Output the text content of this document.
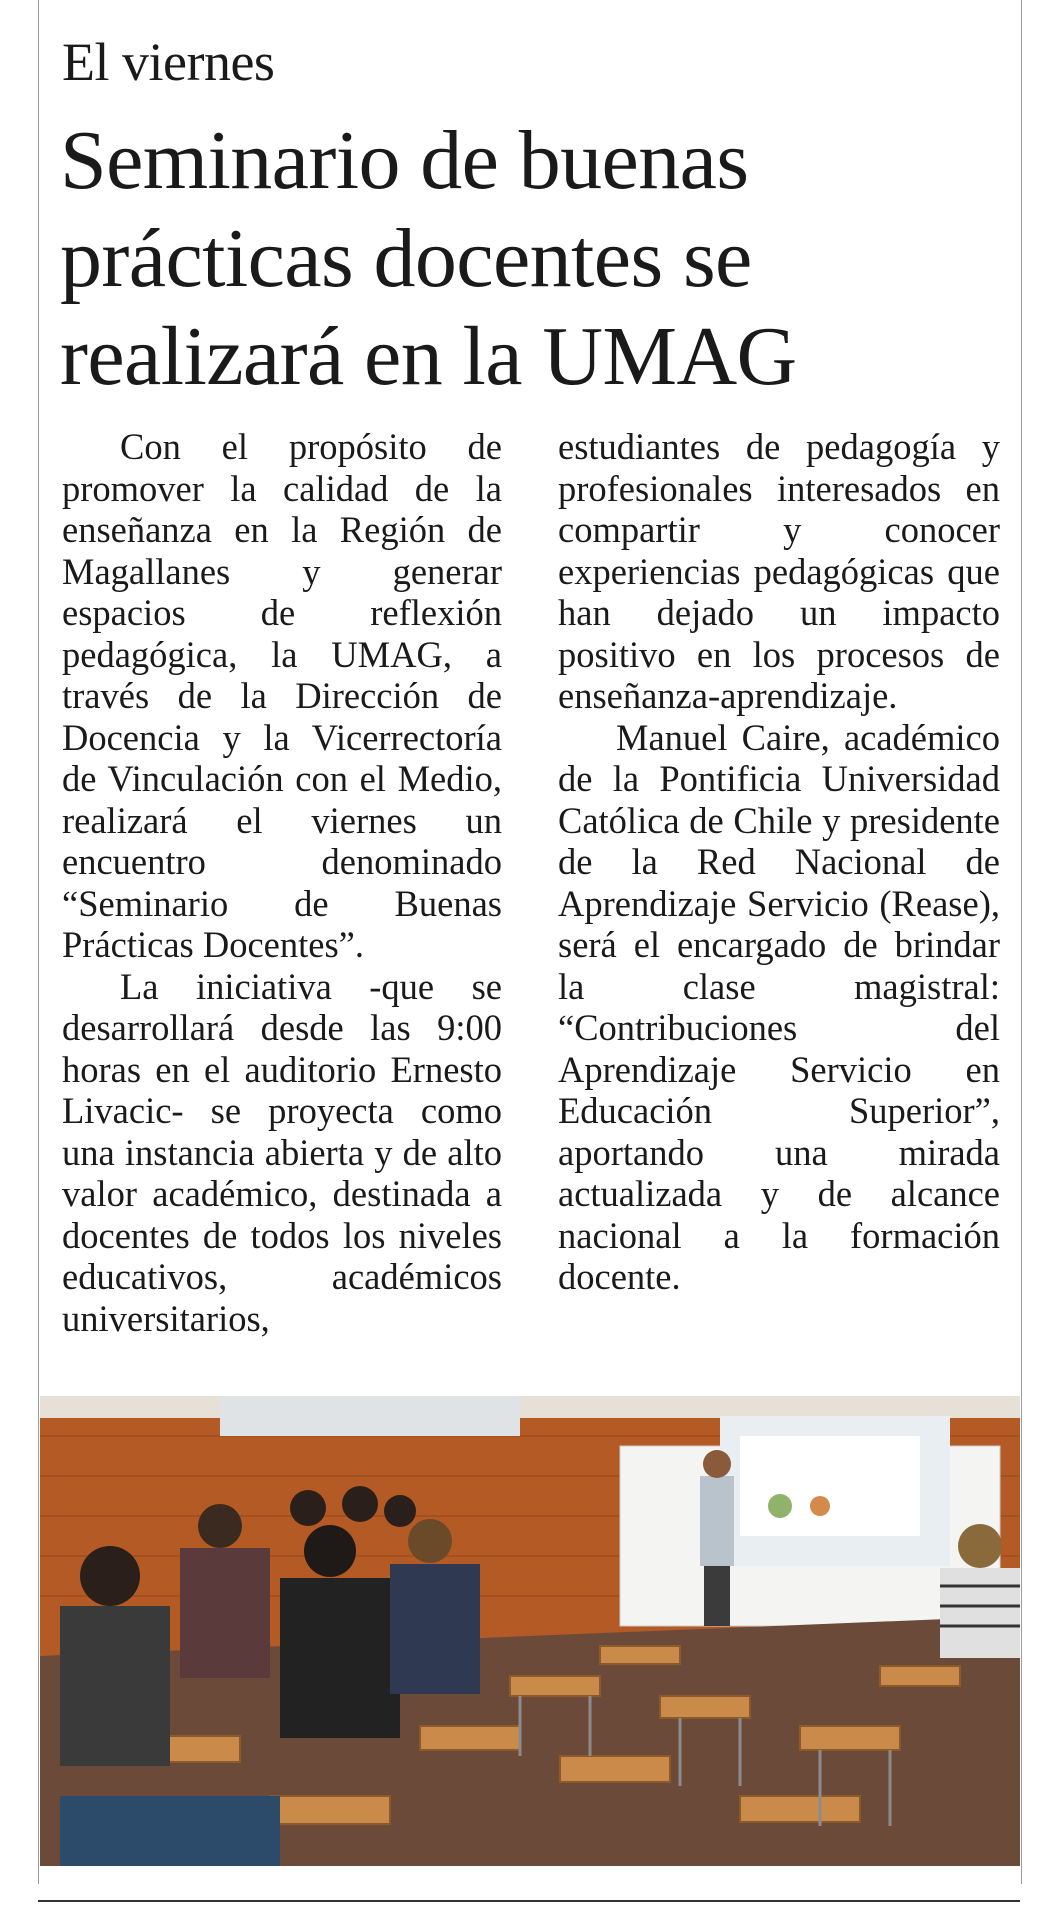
El viernes
Seminario de buenas
prácticas docentes se
realizará en la UMAG

Con el propósito de promover la calidad de la enseñanza en la Región de Magallanes y generar espacios de reflexión pedagógica, la UMAG, a través de la Dirección de Docencia y la Vicerrectoría de Vinculación con el Medio, realizará el viernes un encuentro denominado “Seminario de Buenas Prácticas Docentes”.

La iniciativa -que se desarrollará desde las 9:00 horas en el auditorio Ernesto Livacic- se proyecta como una instancia abierta y de alto valor académico, destinada a docentes de todos los niveles educativos, académicos universitarios,

estudiantes de pedagogía y profesionales interesados en compartir y conocer experiencias pedagógicas que han dejado un impacto positivo en los procesos de enseñanza-aprendizaje.

Manuel Caire, académico de la Pontificia Universidad Católica de Chile y presidente de la Red Nacional de Aprendizaje Servicio (Rease), será el encargado de brindar la clase magistral: “Contribuciones del Aprendizaje Servicio en Educación Superior”, aportando una mirada actualizada y de alcance nacional a la formación docente.
